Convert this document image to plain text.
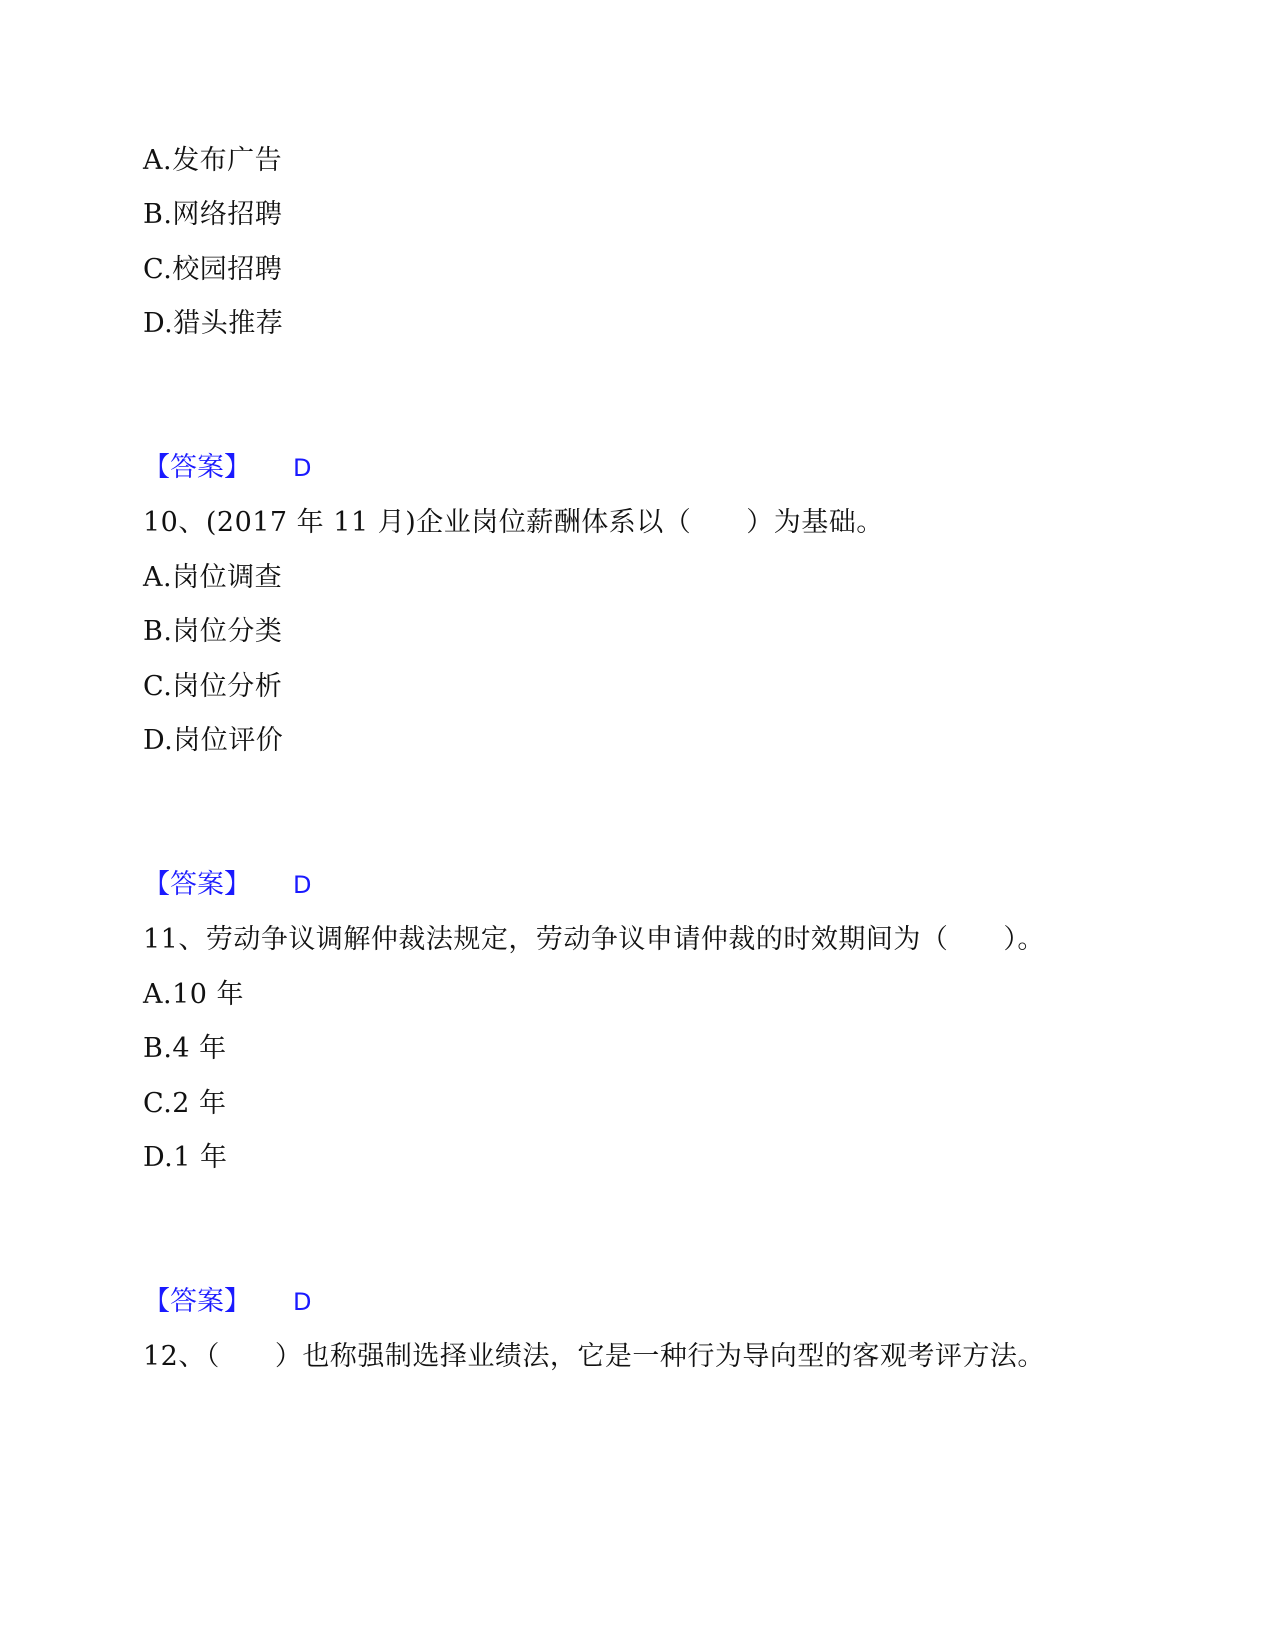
A.发布广告
B.网络招聘
C.校园招聘
D.猎头推荐
【答案】 D
10、(2017 年 11 月)企业岗位薪酬体系以（　　）为基础。
A.岗位调查
B.岗位分类
C.岗位分析
D.岗位评价
【答案】 D
11、劳动争议调解仲裁法规定，劳动争议申请仲裁的时效期间为（　　）。
A.10 年
B.4 年
C.2 年
D.1 年
【答案】 D
12、（　　）也称强制选择业绩法，它是一种行为导向型的客观考评方法。
